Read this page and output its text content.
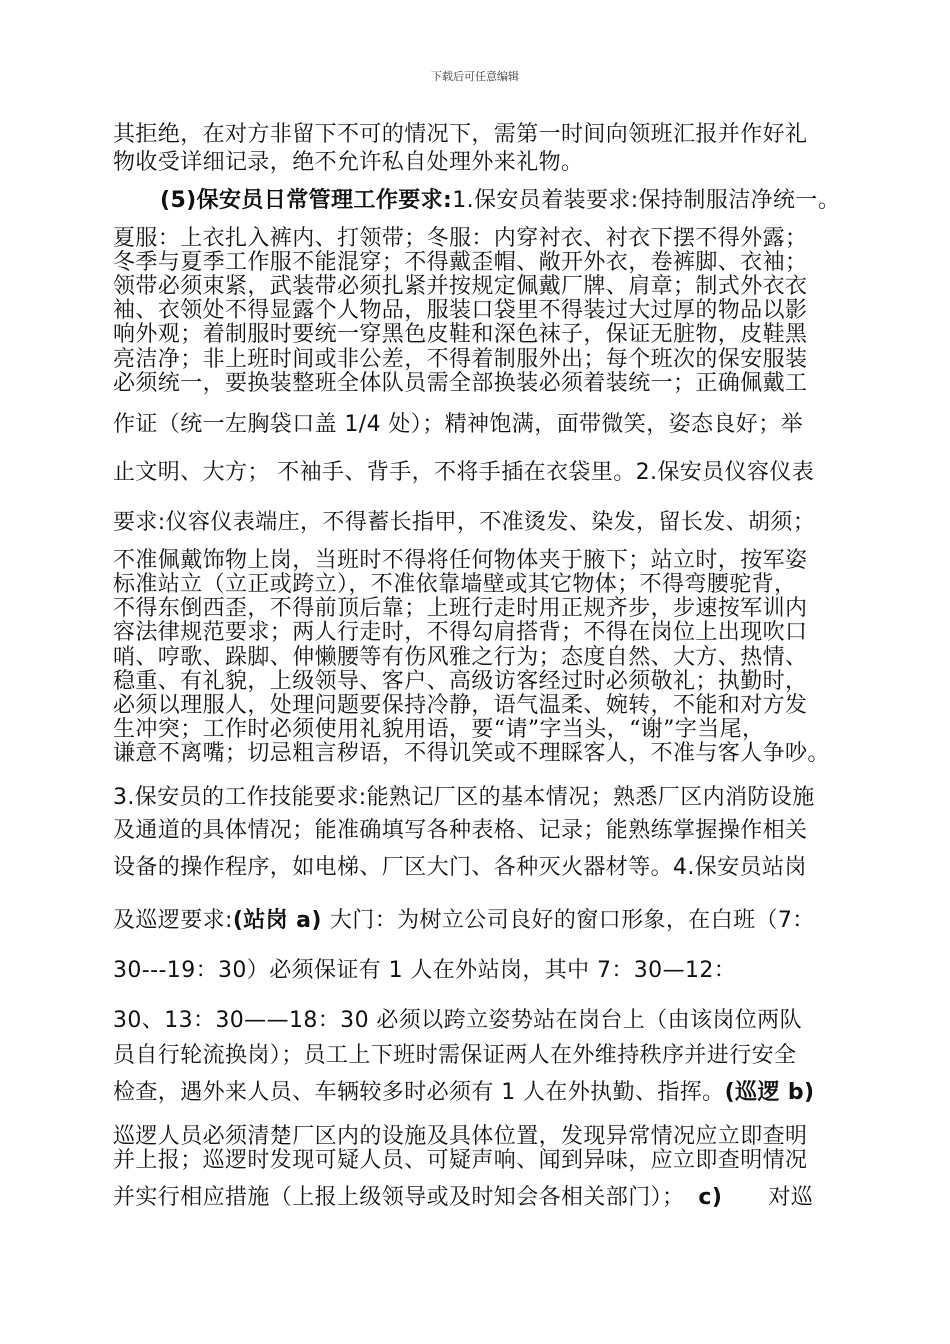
下载后可任意编辑
其拒绝，在对方非留下不可的情况下，需第一时间向领班汇报并作好礼
物收受详细记录，绝不允许私自处理外来礼物。
(5)保安员日常管理工作要求:1.保安员着装要求:保持制服洁净统一。
夏服：上衣扎入裤内、打领带；冬服：内穿衬衣、衬衣下摆不得外露；
冬季与夏季工作服不能混穿；不得戴歪帽、敞开外衣，卷裤脚、衣袖；
领带必须束紧，武装带必须扎紧并按规定佩戴厂牌、肩章；制式外衣衣
袖、衣领处不得显露个人物品，服装口袋里不得装过大过厚的物品以影
响外观；着制服时要统一穿黑色皮鞋和深色袜子，保证无脏物，皮鞋黑
亮洁净；非上班时间或非公差，不得着制服外出；每个班次的保安服装
必须统一，要换装整班全体队员需全部换装必须着装统一；正确佩戴工
作证（统一左胸袋口盖 1/4 处）；精神饱满，面带微笑，姿态良好；举
止文明、大方； 不袖手、背手，不将手插在衣袋里。2.保安员仪容仪表
要求:仪容仪表端庄，不得蓄长指甲，不准烫发、染发，留长发、胡须；
不准佩戴饰物上岗，当班时不得将任何物体夹于腋下；站立时，按军姿
标准站立（立正或跨立），不准依靠墙壁或其它物体；不得弯腰驼背，
不得东倒西歪，不得前顶后靠；上班行走时用正规齐步，步速按军训内
容法律规范要求；两人行走时，不得勾肩搭背；不得在岗位上出现吹口
哨、哼歌、跺脚、伸懒腰等有伤风雅之行为；态度自然、大方、热情、
稳重、有礼貌，上级领导、客户、高级访客经过时必须敬礼；执勤时，
必须以理服人，处理问题要保持冷静，语气温柔、婉转，不能和对方发
生冲突；工作时必须使用礼貌用语，要“请”字当头，“谢”字当尾，
谦意不离嘴；切忌粗言秽语，不得讥笑或不理睬客人，不准与客人争吵。
3.保安员的工作技能要求:能熟记厂区的基本情况；熟悉厂区内消防设施
及通道的具体情况；能准确填写各种表格、记录；能熟练掌握操作相关
设备的操作程序，如电梯、厂区大门、各种灭火器材等。4.保安员站岗
及巡逻要求:(站岗 a) 大门：为树立公司良好的窗口形象，在白班（7：
30---19：30）必须保证有 1 人在外站岗，其中 7：30—12：
30、13：30——18：30 必须以跨立姿势站在岗台上（由该岗位两队
员自行轮流换岗）；员工上下班时需保证两人在外维持秩序并进行安全
检查，遇外来人员、车辆较多时必须有 1 人在外执勤、指挥。(巡逻 b)
巡逻人员必须清楚厂区内的设施及具体位置，发现异常情况应立即查明
并上报；巡逻时发现可疑人员、可疑声响、闻到异味，应立即查明情况
并实行相应措施（上报上级领导或及时知会各相关部门）； c) 对巡
